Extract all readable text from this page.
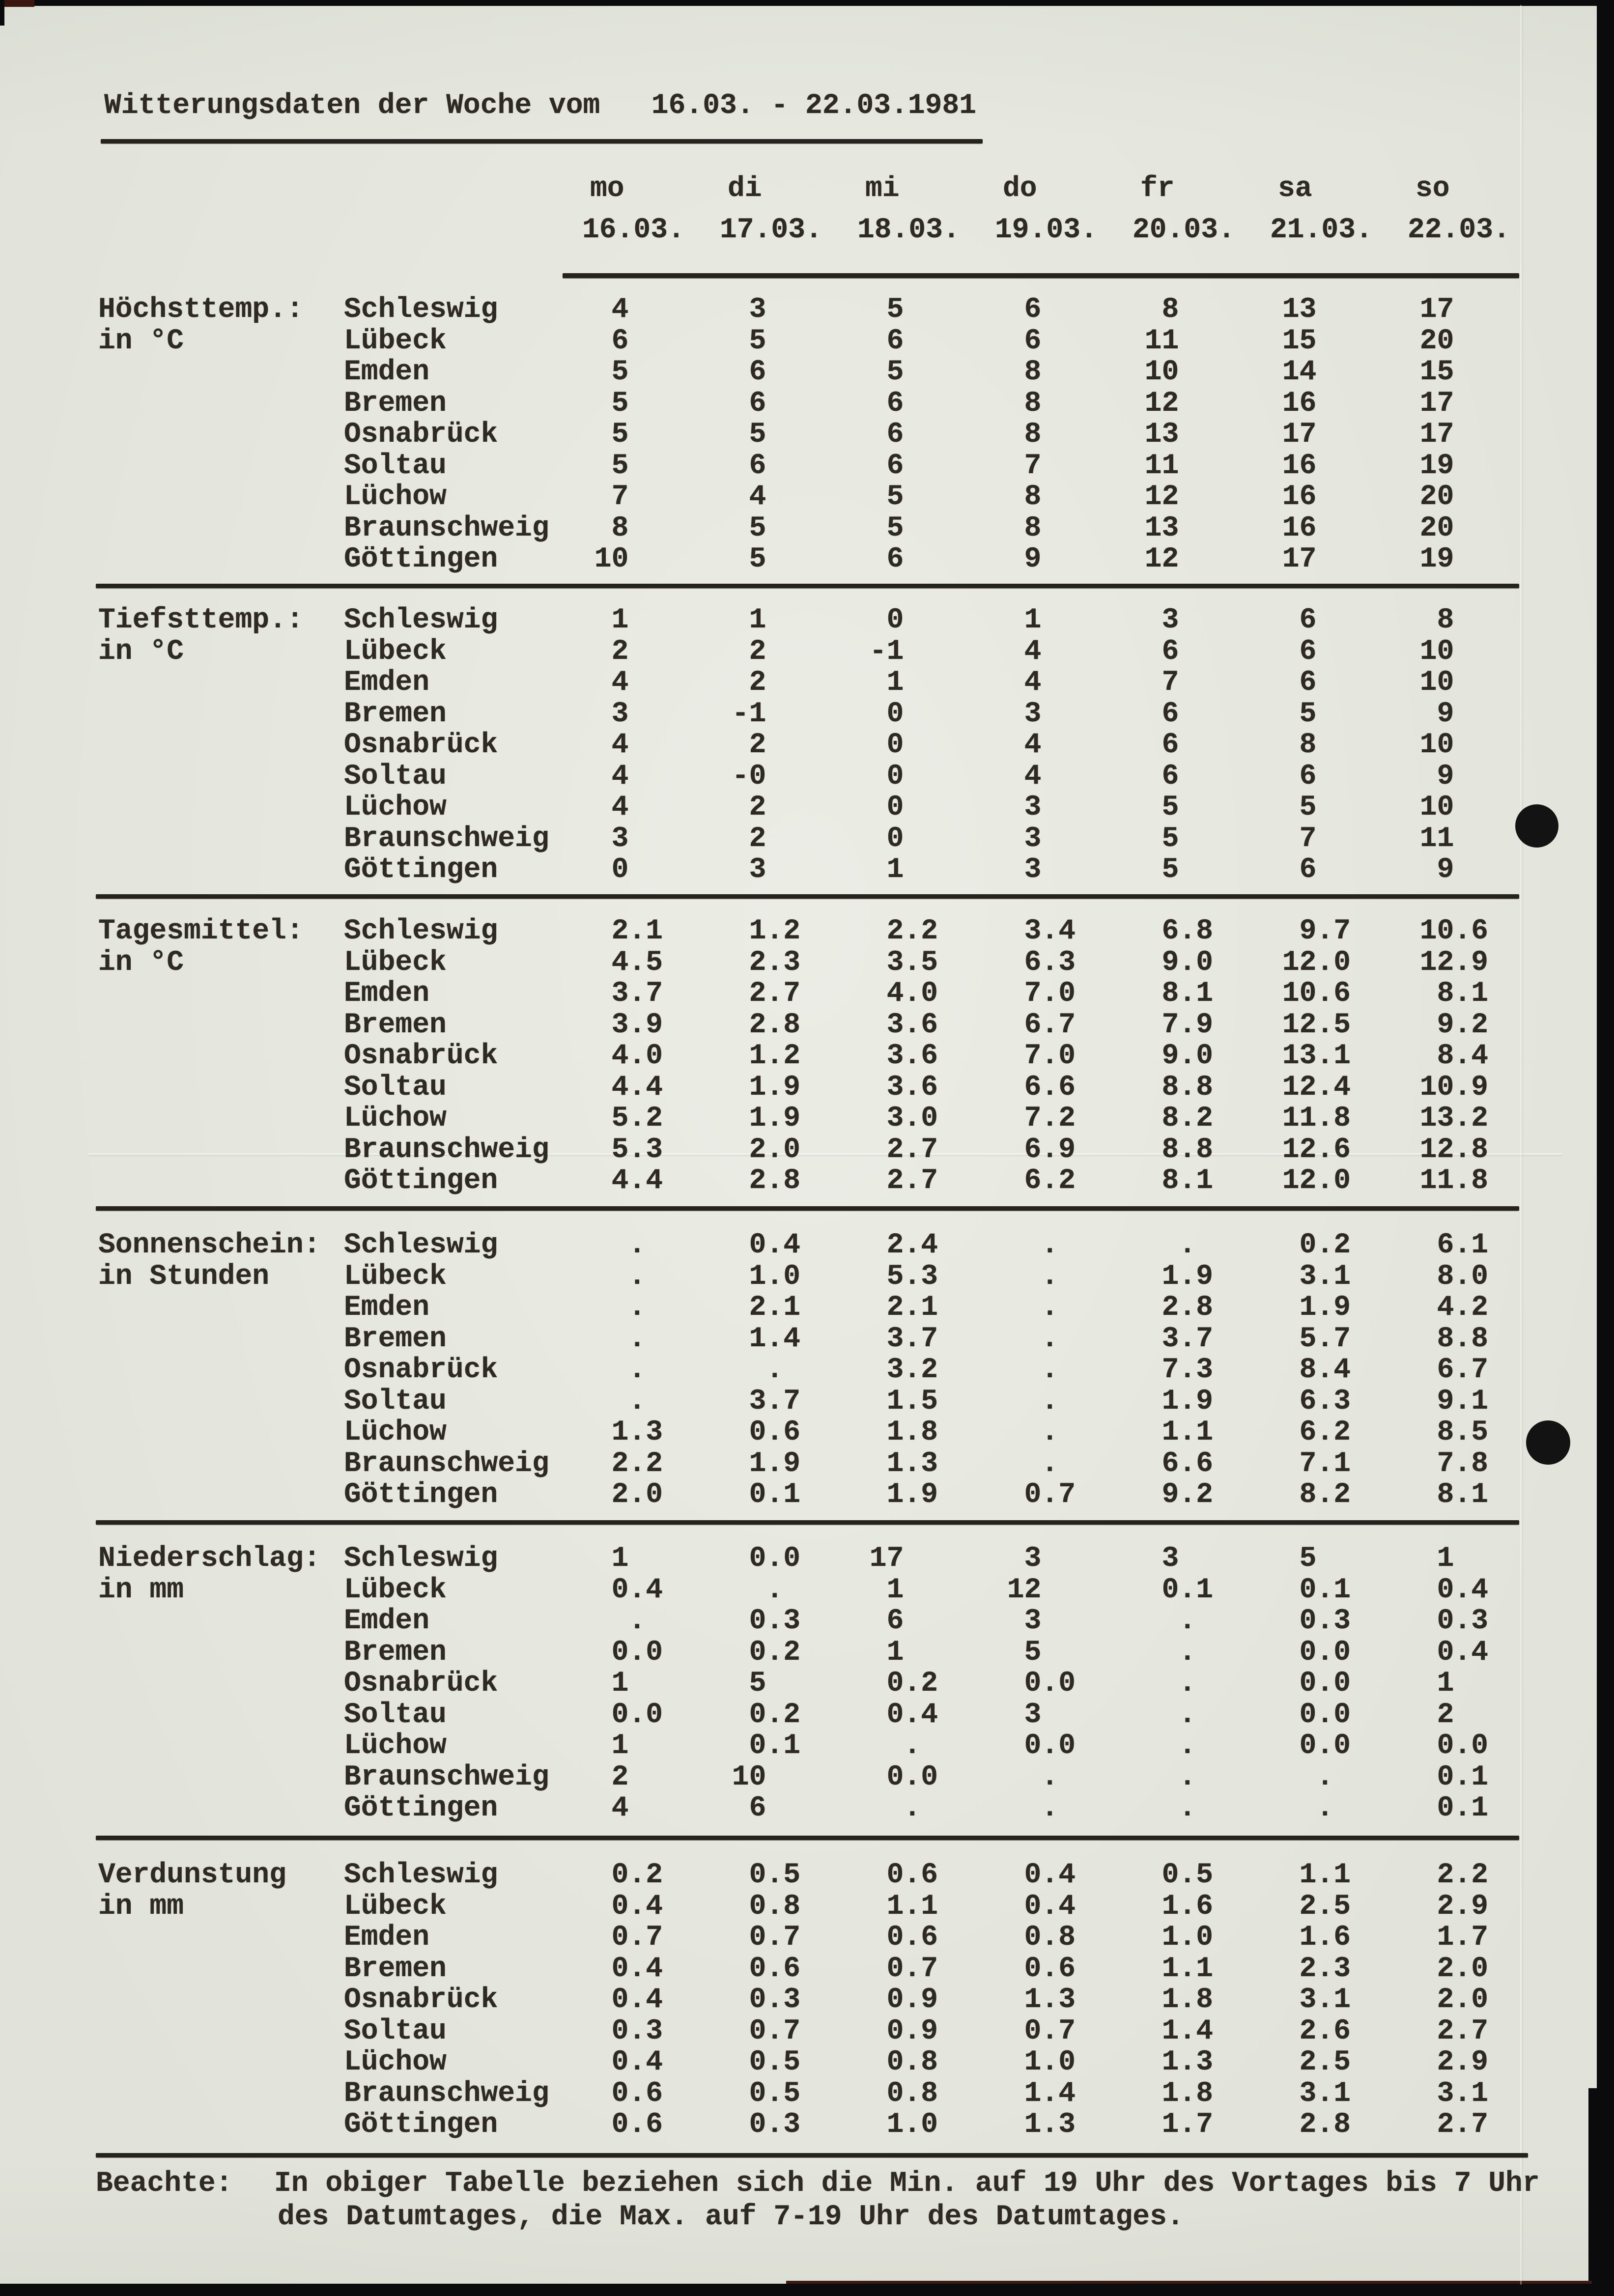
Witterungsdaten der Woche vom   16.03. - 22.03.1981
mo	di	mi	do	fr	sa	so
16.03.	17.03.	18.03.	19.03.	20.03.	21.03.	22.03.
Höchsttemp.:
in °C
Schleswig	4	3	5	6	8	13	17
Lübeck	6	5	6	6	11	15	20
Emden	5	6	5	8	10	14	15
Bremen	5	6	6	8	12	16	17
Osnabrück	5	5	6	8	13	17	17
Soltau	5	6	6	7	11	16	19
Lüchow	7	4	5	8	12	16	20
Braunschweig 8	5	5	8	13	16	20
Göttingen	10	5	6	9	12	17	19
Tiefsttemp.:
in °C
Schleswig	1	1	0	1	3	6	8
Lübeck	2	2	-1	4	6	6	10
Emden	4	2	1	4	7	6	10
Bremen	3	-1	0	3	6	5	9
Osnabrück	4	2	0	4	6	8	10
Soltau	4	-0	0	4	6	6	9
Lüchow	4	2	0	3	5	5	10
Braunschweig 3	2	0	3	5	7	11
Göttingen	0	3	1	3	5	6	9
Tagesmittel:
in °C
Schleswig	2.1	1.2	2.2	3.4	6.8	9.7	10.6
Lübeck	4.5	2.3	3.5	6.3	9.0	12.0	12.9
Emden	3.7	2.7	4.0	7.0	8.1	10.6	8.1
Bremen	3.9	2.8	3.6	6.7	7.9	12.5	9.2
Osnabrück	4.0	1.2	3.6	7.0	9.0	13.1	8.4
Soltau	4.4	1.9	3.6	6.6	8.8	12.4	10.9
Lüchow	5.2	1.9	3.0	7.2	8.2	11.8	13.2
Braunschweig 5.3	2.0	2.7	6.9	8.8	12.6	12.8
Göttingen	4.4	2.8	2.7	6.2	8.1	12.0	11.8
Sonnenschein:
in Stunden
Schleswig	.	0.4	2.4	.	.	0.2	6.1
Lübeck	.	1.0	5.3	.	1.9	3.1	8.0
Emden	.	2.1	2.1	.	2.8	1.9	4.2
Bremen	.	1.4	3.7	.	3.7	5.7	8.8
Osnabrück	.	.	3.2	.	7.3	8.4	6.7
Soltau	.	3.7	1.5	.	1.9	6.3	9.1
Lüchow	1.3	0.6	1.8	.	1.1	6.2	8.5
Braunschweig 2.2	1.9	1.3	.	6.6	7.1	7.8
Göttingen	2.0	0.1	1.9	0.7	9.2	8.2	8.1
Niederschlag:
in mm
Schleswig	1	0.0	17	3	3	5	1
Lübeck	0.4	.	1	12	0.1	0.1	0.4
Emden	.	0.3	6	3	.	0.3	0.3
Bremen	0.0	0.2	1	5	.	0.0	0.4
Osnabrück	1	5	0.2	0.0	.	0.0	1
Soltau	0.0	0.2	0.4	3	.	0.0	2
Lüchow	1	0.1	.	0.0	.	0.0	0.0
Braunschweig 2	10	0.0	.	.	.	0.1
Göttingen	4	6	.	.	.	.	0.1
Verdunstung
in mm
Schleswig	0.2	0.5	0.6	0.4	0.5	1.1	2.2
Lübeck	0.4	0.8	1.1	0.4	1.6	2.5	2.9
Emden	0.7	0.7	0.6	0.8	1.0	1.6	1.7
Bremen	0.4	0.6	0.7	0.6	1.1	2.3	2.0
Osnabrück	0.4	0.3	0.9	1.3	1.8	3.1	2.0
Soltau	0.3	0.7	0.9	0.7	1.4	2.6	2.7
Lüchow	0.4	0.5	0.8	1.0	1.3	2.5	2.9
Braunschweig 0.6	0.5	0.8	1.4	1.8	3.1	3.1
Göttingen	0.6	0.3	1.0	1.3	1.7	2.8	2.7
Beachte: In obiger Tabelle beziehen sich die Min. auf 19 Uhr des Vortages bis 7 Uhr
des Datumtages, die Max. auf 7-19 Uhr des Datumtages.
